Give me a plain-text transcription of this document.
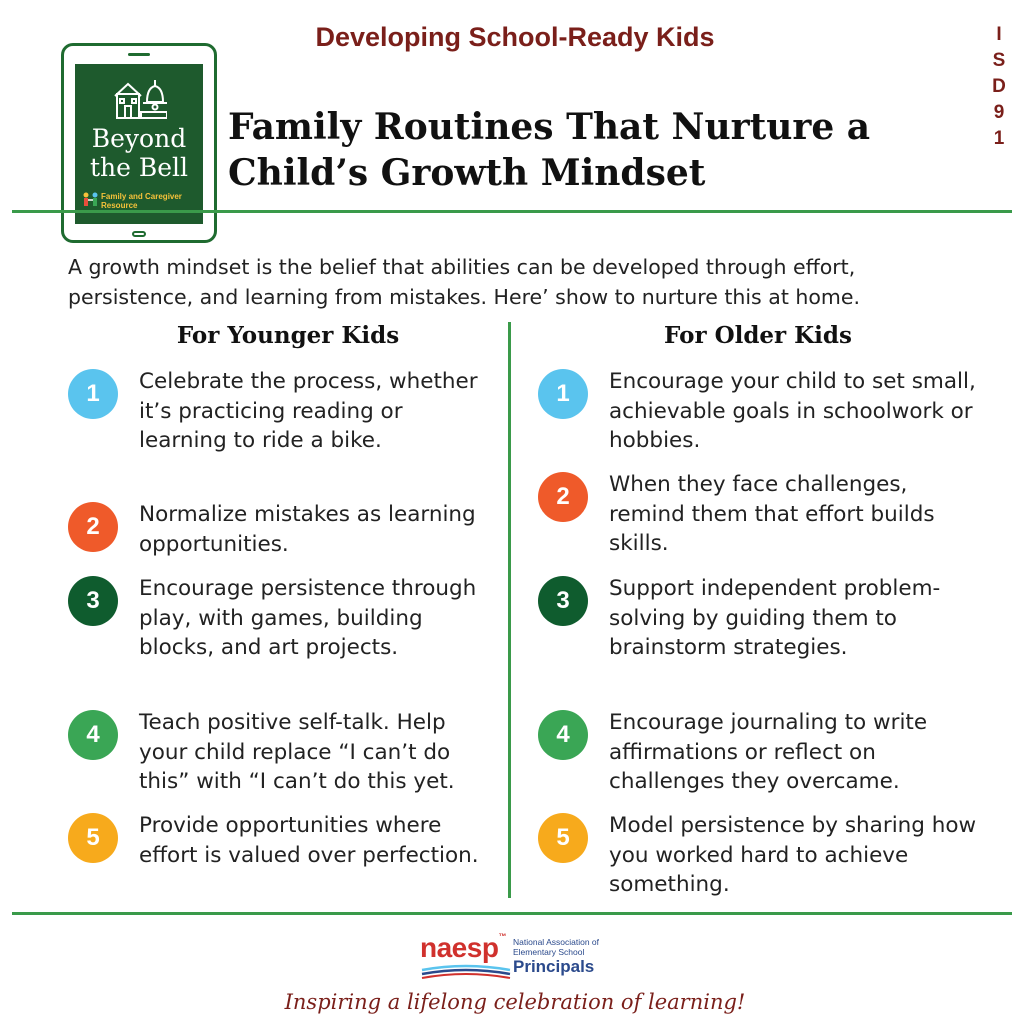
Developing School-Ready Kids	I
S
D
9
1
Beyond
the Bell
Family and Caregiver
Resource
Family Routines That Nurture a
Child’s Growth Mindset
A growth mindset is the belief that abilities can be developed through effort,
persistence, and learning from mistakes. Here’ show to nurture this at home.
For Younger Kids	For Older Kids
1	Celebrate the process, whether it’s practicing reading or learning to ride a bike.
2	Normalize mistakes as learning opportunities.
3	Encourage persistence through play, with games, building blocks, and art projects.
4	Teach positive self-talk. Help your child replace “I can’t do this” with “I can’t do this yet.
5	Provide opportunities where effort is valued over perfection.
1	Encourage your child to set small, achievable goals in schoolwork or hobbies.
2	When they face challenges, remind them that effort builds skills.
3	Support independent problem-solving by guiding them to brainstorm strategies.
4	Encourage journaling to write affirmations or reflect on challenges they overcame.
5	Model persistence by sharing how you worked hard to achieve something.
naesp™
National Association of
Elementary School
Principals
Inspiring a lifelong celebration of learning!
